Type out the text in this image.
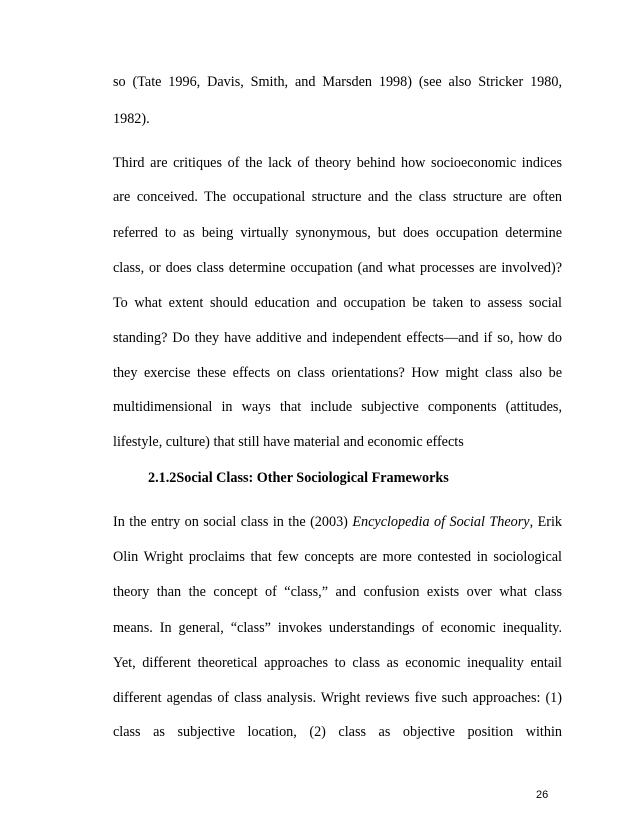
so (Tate 1996, Davis, Smith, and Marsden 1998) (see also Stricker 1980,
1982).
Third are critiques of the lack of theory behind how socioeconomic indices
are conceived. The occupational structure and the class structure are often
referred to as being virtually synonymous, but does occupation determine
class, or does class determine occupation (and what processes are involved)?
To what extent should education and occupation be taken to assess social
standing? Do they have additive and independent effects—and if so, how do
they exercise these effects on class orientations? How might class also be
multidimensional in ways that include subjective components (attitudes,
lifestyle, culture) that still have material and economic effects
2.1.2Social Class: Other Sociological Frameworks
In the entry on social class in the (2003) Encyclopedia of Social Theory, Erik
Olin Wright proclaims that few concepts are more contested in sociological
theory than the concept of “class,” and confusion exists over what class
means. In general, “class” invokes understandings of economic inequality.
Yet, different theoretical approaches to class as economic inequality entail
different agendas of class analysis. Wright reviews five such approaches: (1)
class as subjective location, (2) class as objective position within
26
